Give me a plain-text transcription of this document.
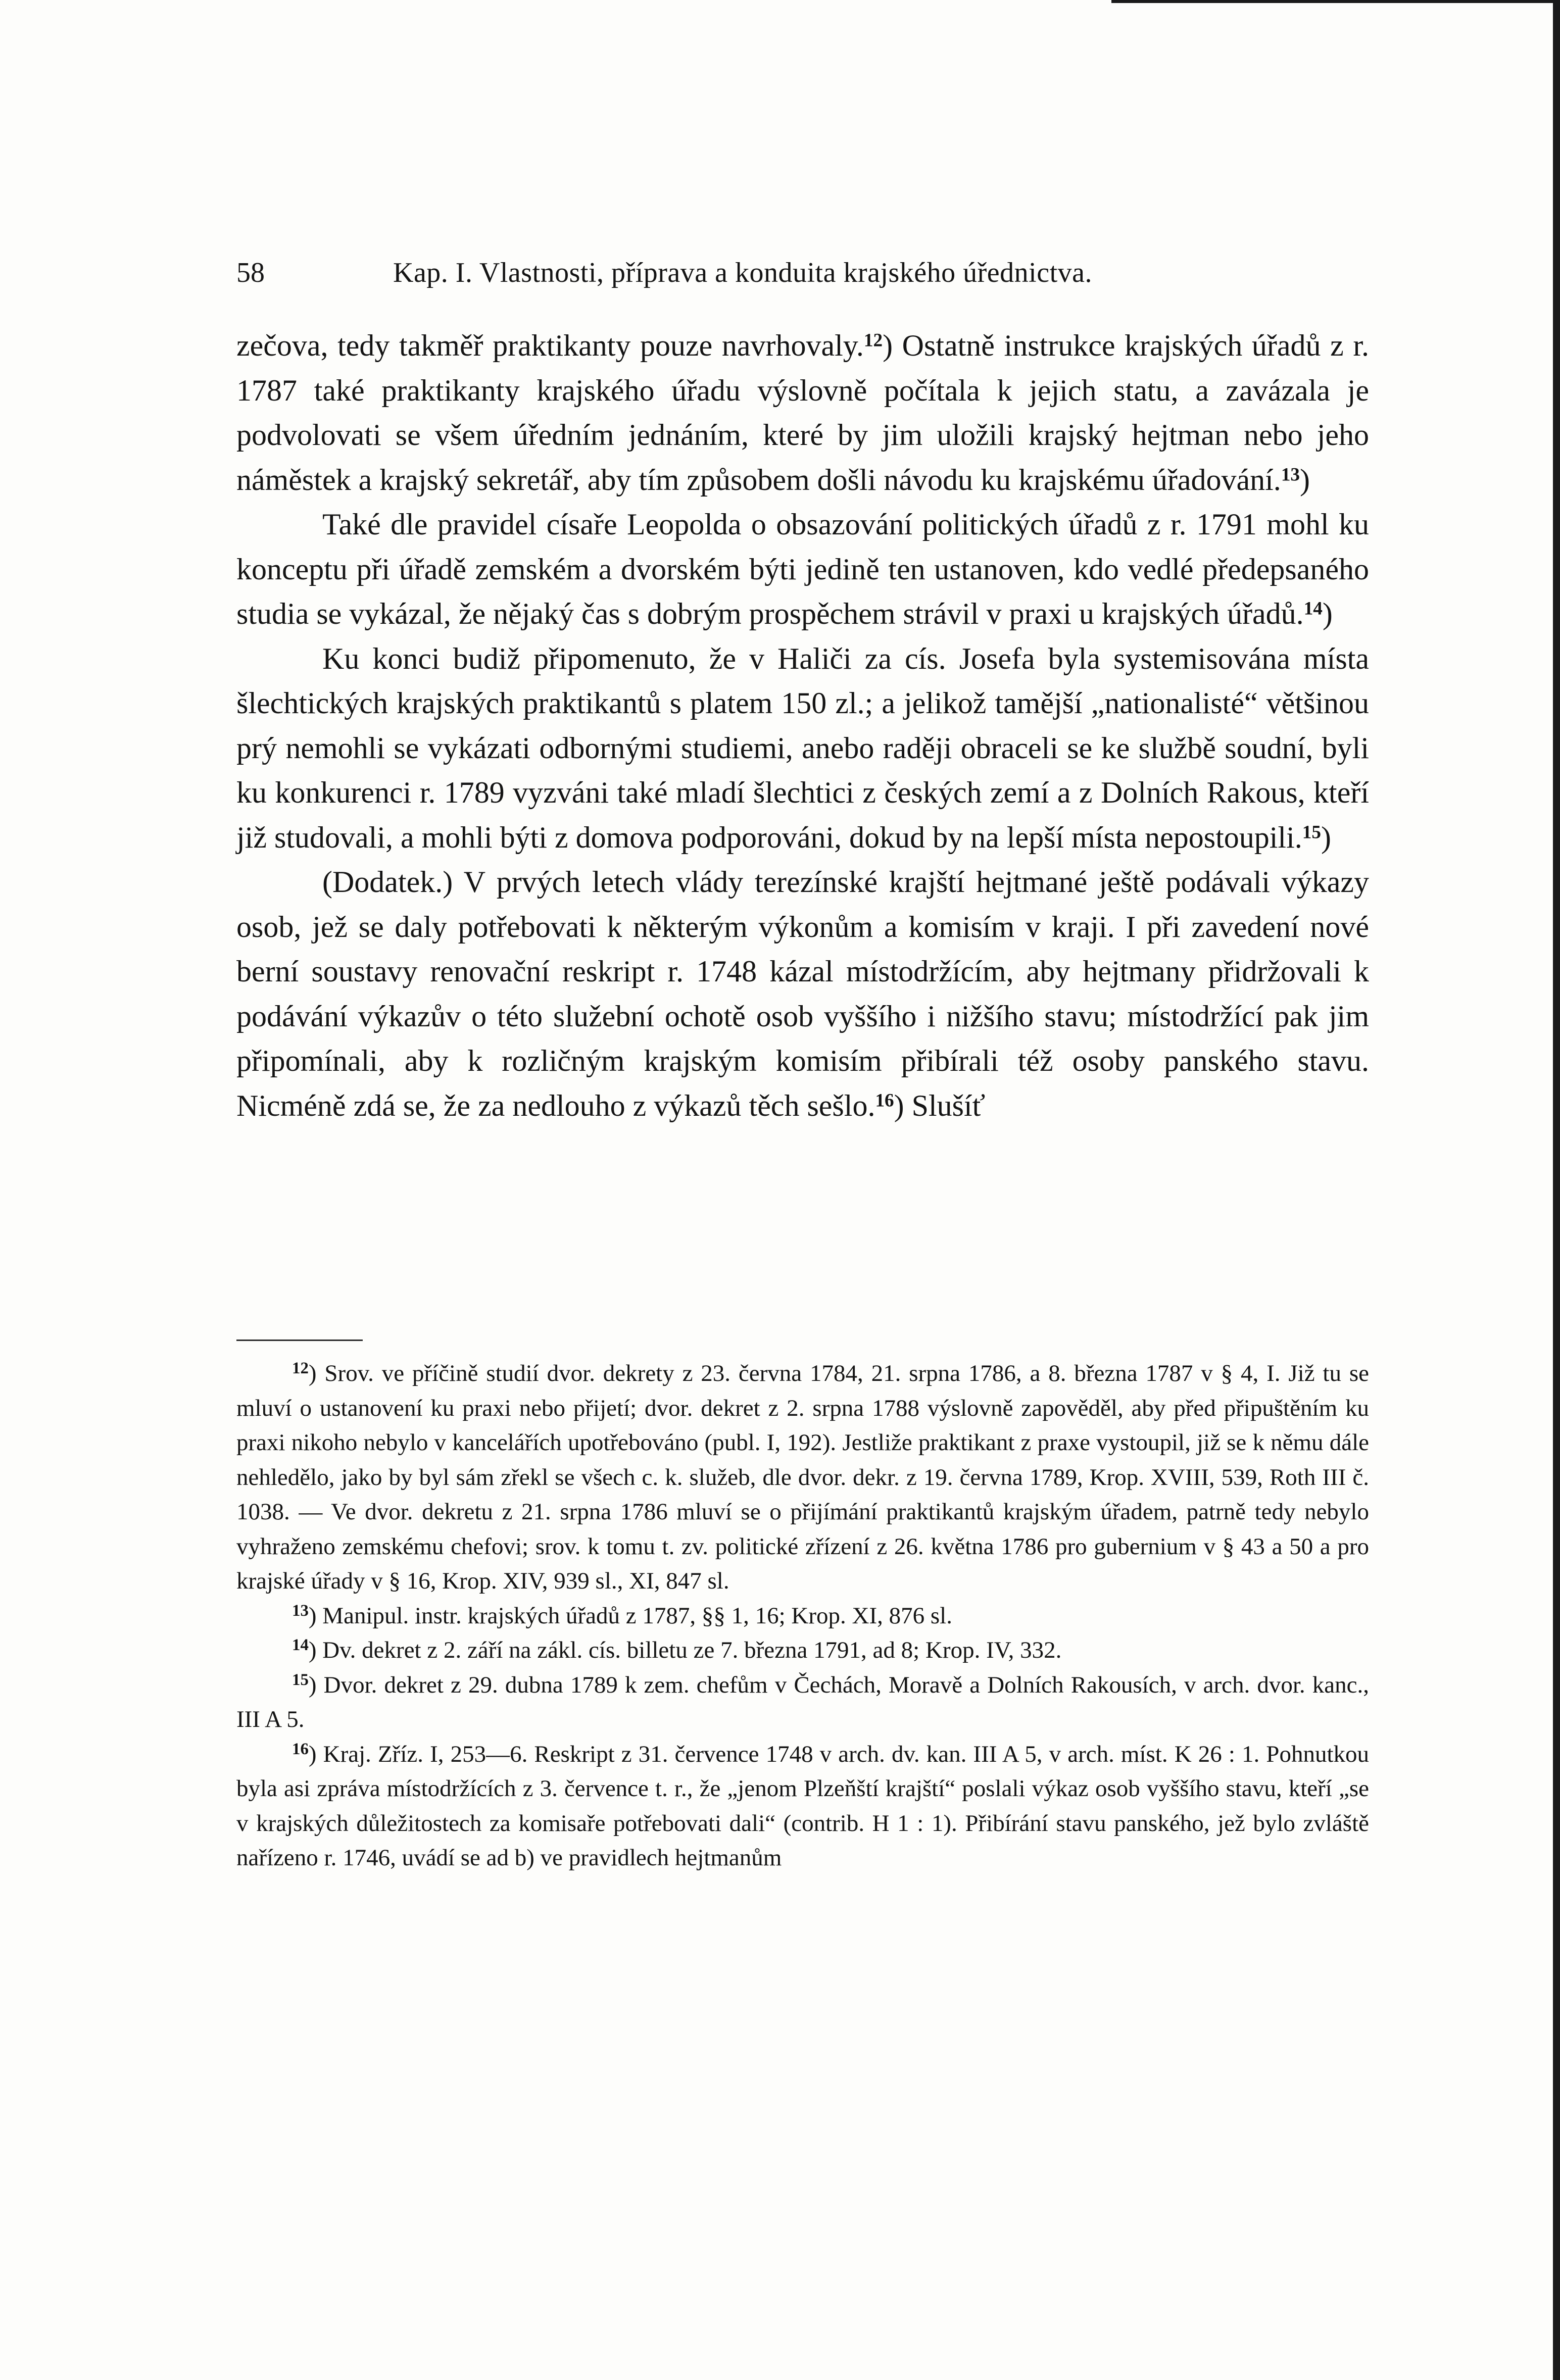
58	Kap. I. Vlastnosti, příprava a konduita krajského úřednictva.

zečova, tedy takměř praktikanty pouze navrhovaly.$^{12}$) Ostatně instrukce krajských úřadů z r. 1787 také praktikanty krajského úřadu výslovně počítala k jejich statu, a zavázala je podvolovati se všem úředním jednáním, které by jim uložili krajský hejtman nebo jeho náměstek a krajský sekretář, aby tím způsobem došli návodu ku krajskému úřadování.$^{13}$)

Také dle pravidel císaře Leopolda o obsazování politických úřadů z r. 1791 mohl ku konceptu při úřadě zemském a dvorském býti jedině ten ustanoven, kdo vedlé předepsaného studia se vykázal, že nějaký čas s dobrým prospěchem strávil v praxi u krajských úřadů.$^{14}$)

Ku konci budiž připomenuto, že v Haliči za cís. Josefa byla systemisována místa šlechtických krajských praktikantů s platem 150 zl.; a jelikož tamější „nationalisté“ většinou prý nemohli se vykázati odbornými studiemi, anebo raději obraceli se ke službě soudní, byli ku konkurenci r. 1789 vyzváni také mladí šlechtici z českých zemí a z Dolních Rakous, kteří již studovali, a mohli býti z domova podporováni, dokud by na lepší místa nepostoupili.$^{15}$)

(Dodatek.) V prvých letech vlády terezínské krajští hejtmané ještě podávali výkazy osob, jež se daly potřebovati k některým výkonům a komisím v kraji. I při zavedení nové berní soustavy renovační reskript r. 1748 kázal místodržícím, aby hejtmany přidržovali k podávání výkazův o této služební ochotě osob vyššího i nižšího stavu; místodržící pak jim připomínali, aby k rozličným krajským komisím přibírali též osoby panského stavu. Nicméně zdá se, že za nedlouho z výkazů těch sešlo.$^{16}$) Slušíť

$^{12}$) Srov. ve příčině studií dvor. dekrety z 23. června 1784, 21. srpna 1786, a 8. března 1787 v § 4, I. Již tu se mluví o ustanovení ku praxi nebo přijetí; dvor. dekret z 2. srpna 1788 výslovně zapověděl, aby před připuštěním ku praxi nikoho nebylo v kancelářích upotřebováno (publ. I, 192). Jestliže praktikant z praxe vystoupil, již se k němu dále nehledělo, jako by byl sám zřekl se všech c. k. služeb, dle dvor. dekr. z 19. června 1789, Krop. XVIII, 539, Roth III č. 1038. — Ve dvor. dekretu z 21. srpna 1786 mluví se o přijímání praktikantů krajským úřadem, patrně tedy nebylo vyhraženo zemskému chefovi; srov. k tomu t. zv. politické zřízení z 26. května 1786 pro gubernium v § 43 a 50 a pro krajské úřady v § 16, Krop. XIV, 939 sl., XI, 847 sl.

$^{13}$) Manipul. instr. krajských úřadů z 1787, §§ 1, 16; Krop. XI, 876 sl.

$^{14}$) Dv. dekret z 2. září na zákl. cís. billetu ze 7. března 1791, ad 8; Krop. IV, 332.

$^{15}$) Dvor. dekret z 29. dubna 1789 k zem. chefům v Čechách, Moravě a Dolních Rakousích, v arch. dvor. kanc., III A 5.

$^{16}$) Kraj. Zříz. I, 253—6. Reskript z 31. července 1748 v arch. dv. kan. III A 5, v arch. míst. K 26 : 1. Pohnutkou byla asi zpráva místodržících z 3. července t. r., že „jenom Plzeňští krajští“ poslali výkaz osob vyššího stavu, kteří „se v krajských důležitostech za komisaře potřebovati dali“ (contrib. H 1 : 1). Přibírání stavu panského, jež bylo zvláště nařízeno r. 1746, uvádí se ad b) ve pravidlech hejtmanům
